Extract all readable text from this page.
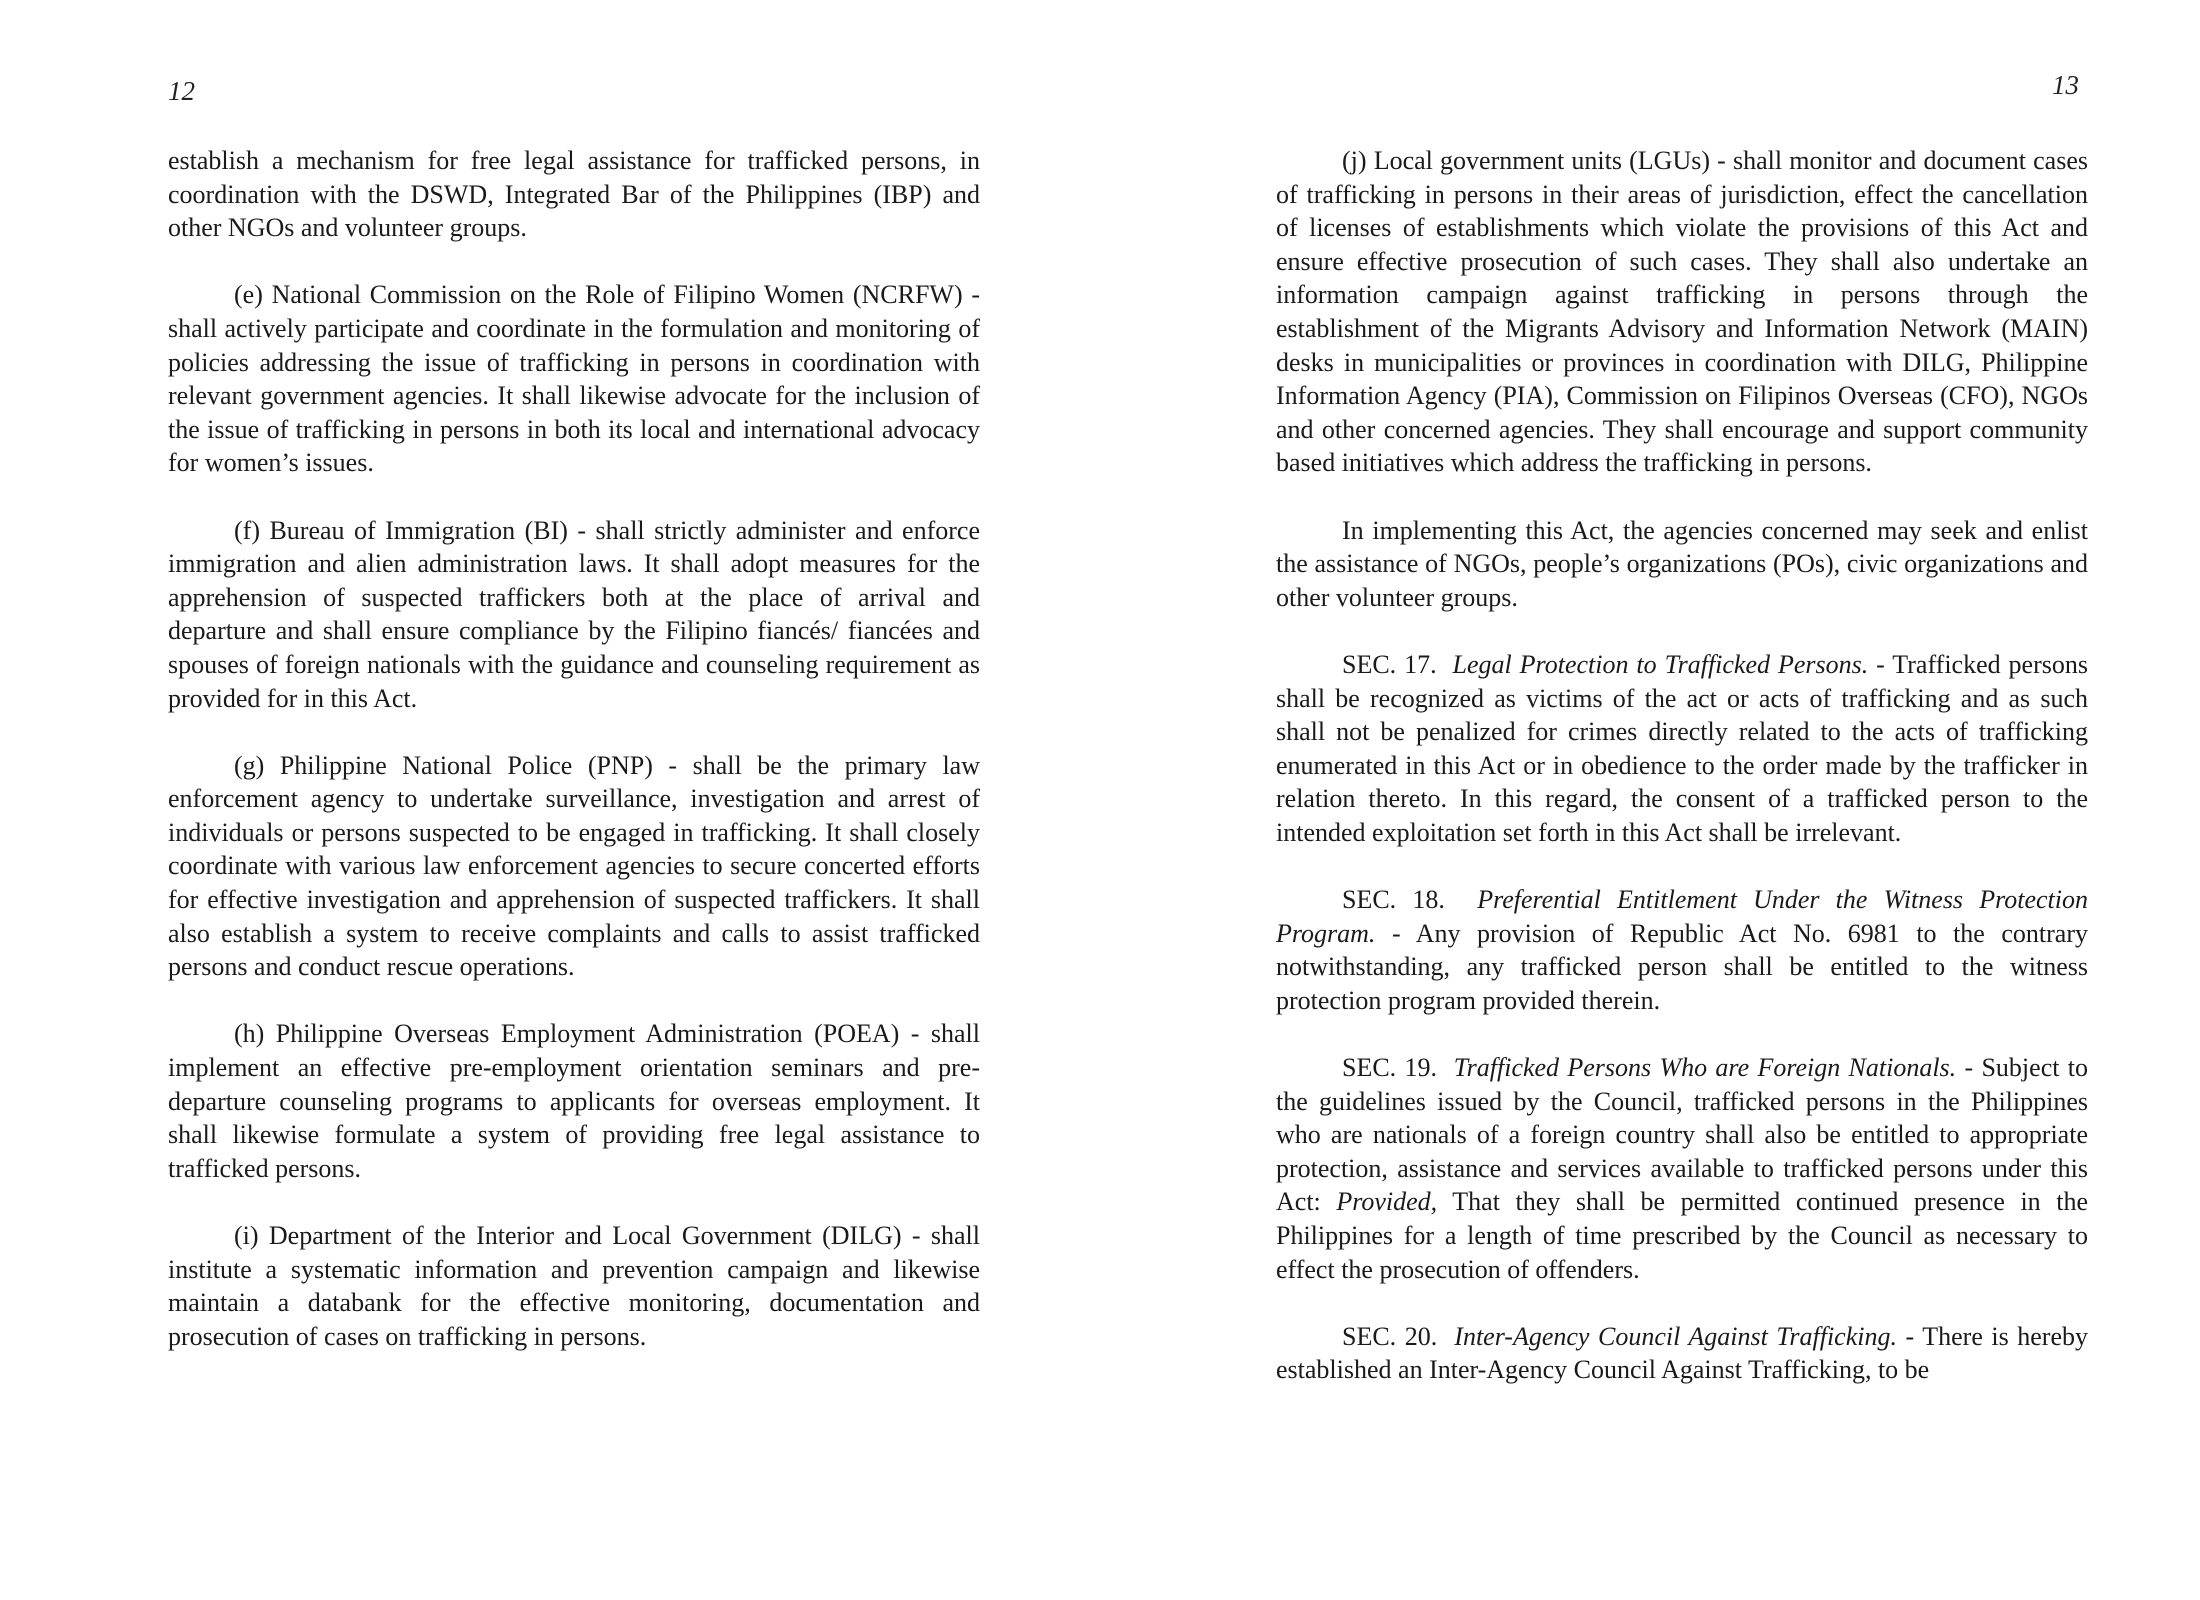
12

establish a mechanism for free legal assistance for trafficked persons, in coordination with the DSWD, Integrated Bar of the Philippines (IBP) and other NGOs and volunteer groups.

(e) National Commission on the Role of Filipino Women (NCRFW) - shall actively participate and coordinate in the formulation and monitoring of policies addressing the issue of trafficking in persons in coordination with relevant government agencies. It shall likewise advocate for the inclusion of the issue of trafficking in persons in both its local and international advocacy for women’s issues.

(f) Bureau of Immigration (BI) - shall strictly administer and enforce immigration and alien administration laws. It shall adopt measures for the apprehension of suspected traffickers both at the place of arrival and departure and shall ensure compliance by the Filipino fiancés/ fiancées and spouses of foreign nationals with the guidance and counseling requirement as provided for in this Act.

(g) Philippine National Police (PNP) - shall be the primary law enforcement agency to undertake surveillance, investigation and arrest of individuals or persons suspected to be engaged in trafficking. It shall closely coordinate with various law enforcement agencies to secure concerted efforts for effective investigation and apprehension of suspected traffickers. It shall also establish a system to receive complaints and calls to assist trafficked persons and conduct rescue operations.

(h) Philippine Overseas Employment Administration (POEA) - shall implement an effective pre-employment orientation seminars and pre-departure counseling programs to applicants for overseas employment. It shall likewise formulate a system of providing free legal assistance to trafficked persons.

(i) Department of the Interior and Local Government (DILG) - shall institute a systematic information and prevention campaign and likewise maintain a databank for the effective monitoring, documentation and prosecution of cases on trafficking in persons.

13

(j) Local government units (LGUs) - shall monitor and document cases of trafficking in persons in their areas of jurisdiction, effect the cancellation of licenses of establishments which violate the provisions of this Act and ensure effective prosecution of such cases. They shall also undertake an information campaign against trafficking in persons through the establishment of the Migrants Advisory and Information Network (MAIN) desks in municipalities or provinces in coordination with DILG, Philippine Information Agency (PIA), Commission on Filipinos Overseas (CFO), NGOs and other concerned agencies. They shall encourage and support community based initiatives which address the trafficking in persons.

In implementing this Act, the agencies concerned may seek and enlist the assistance of NGOs, people’s organizations (POs), civic organizations and other volunteer groups.

SEC. 17. Legal Protection to Trafficked Persons. - Trafficked persons shall be recognized as victims of the act or acts of trafficking and as such shall not be penalized for crimes directly related to the acts of trafficking enumerated in this Act or in obedience to the order made by the trafficker in relation thereto. In this regard, the consent of a trafficked person to the intended exploitation set forth in this Act shall be irrelevant.

SEC. 18. Preferential Entitlement Under the Witness Protection Program. - Any provision of Republic Act No. 6981 to the contrary notwithstanding, any trafficked person shall be entitled to the witness protection program provided therein.

SEC. 19. Trafficked Persons Who are Foreign Nationals. - Subject to the guidelines issued by the Council, trafficked persons in the Philippines who are nationals of a foreign country shall also be entitled to appropriate protection, assistance and services available to trafficked persons under this Act: Provided, That they shall be permitted continued presence in the Philippines for a length of time prescribed by the Council as necessary to effect the prosecution of offenders.

SEC. 20. Inter-Agency Council Against Trafficking. - There is hereby established an Inter-Agency Council Against Trafficking, to be
